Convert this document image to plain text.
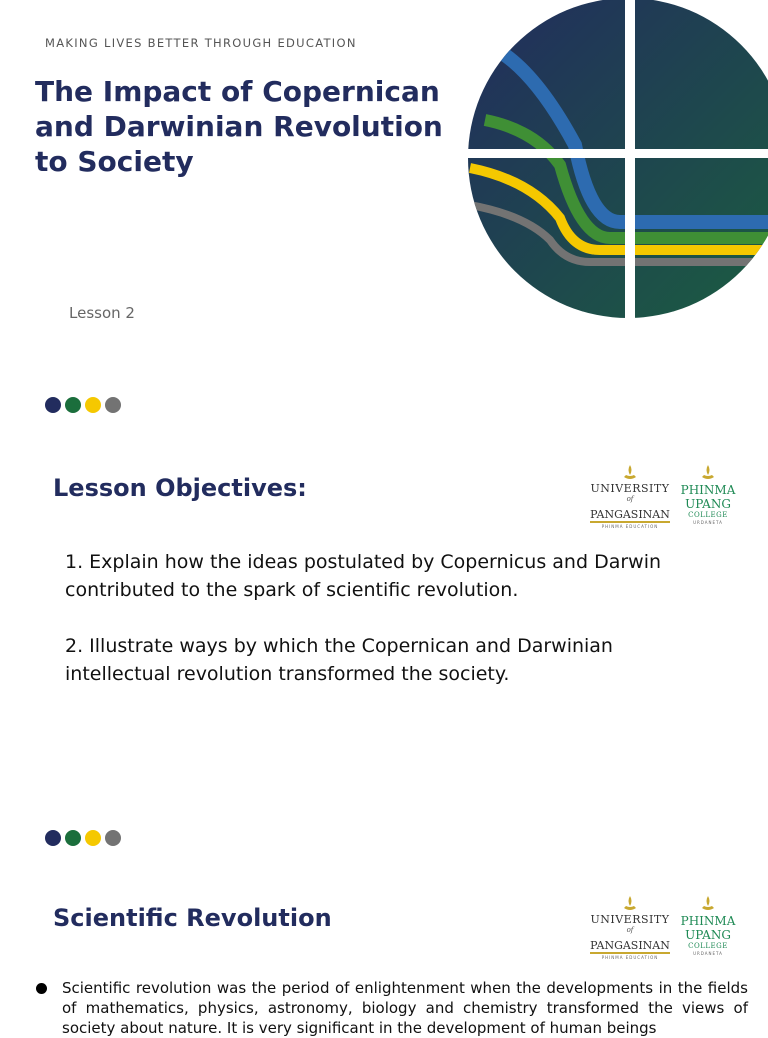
MAKING LIVES BETTER THROUGH EDUCATION
The Impact of Copernican and Darwinian Revolution to Society
Lesson 2
Lesson Objectives:	UNIVERSITY
of
PANGASINAN
PHINMA EDUCATION
PHINMA
UPANG
COLLEGE
URDANETA

1. Explain how the ideas postulated by Copernicus and Darwin contributed to the spark of scientific revolution.

2. Illustrate ways by which the Copernican and Darwinian intellectual revolution transformed the society.

Scientific Revolution	UNIVERSITY
of
PANGASINAN
PHINMA EDUCATION
PHINMA
UPANG
COLLEGE
URDANETA
Scientific revolution was the period of enlightenment when the developments in the fields of mathematics, physics, astronomy, biology and chemistry transformed the views of society about nature. It is very significant in the development of human beings
